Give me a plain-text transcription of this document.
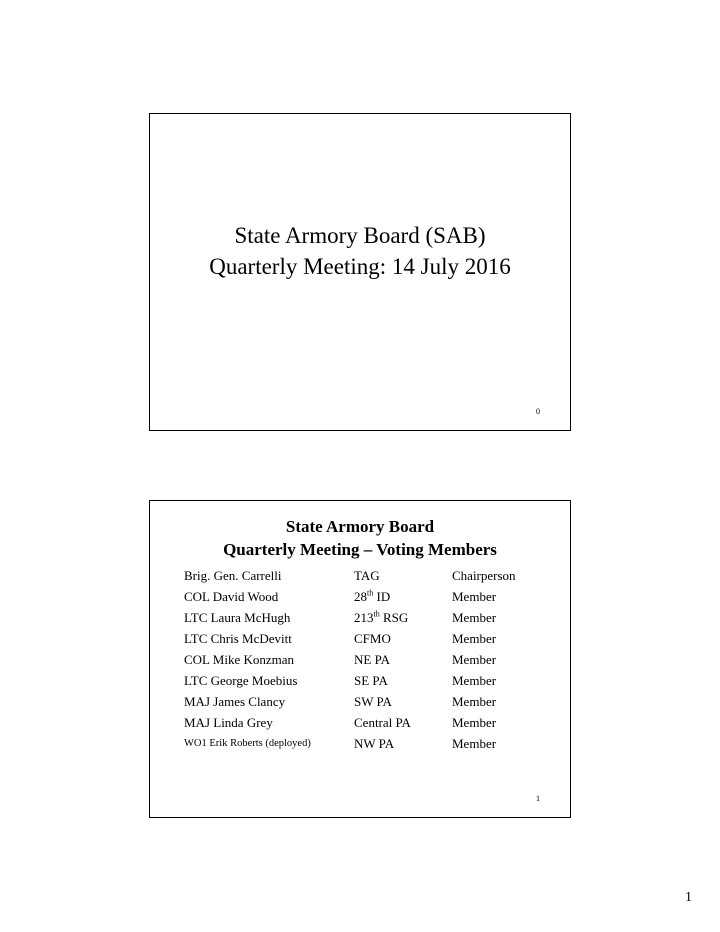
State Armory Board (SAB)
Quarterly Meeting: 14 July 2016
0
State Armory Board
Quarterly Meeting – Voting Members
Brig. Gen. Carrelli	TAG	Chairperson
COL David Wood	28th ID	Member
LTC Laura McHugh	213th RSG	Member
LTC Chris McDevitt	CFMO	Member
COL Mike Konzman	NE PA	Member
LTC George Moebius	SE PA	Member
MAJ James Clancy	SW PA	Member
MAJ Linda Grey	Central PA	Member
WO1 Erik Roberts (deployed)	NW PA	Member
1
1
